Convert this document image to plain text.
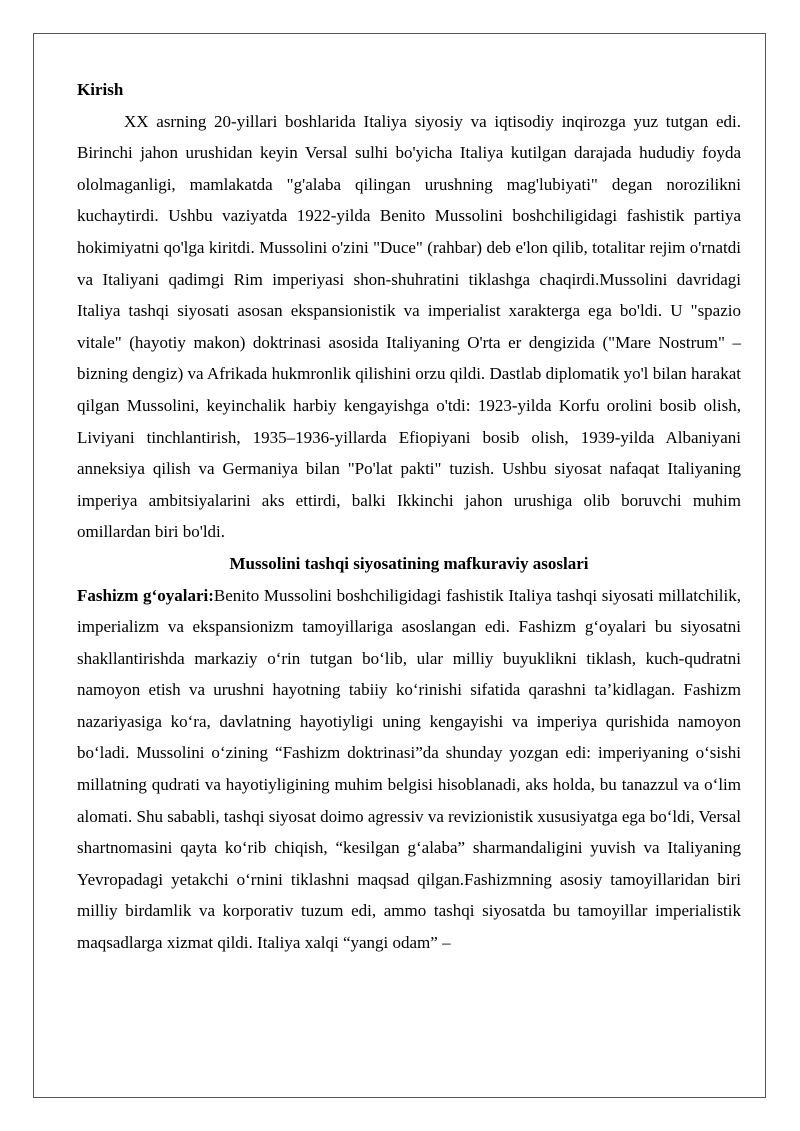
Kirish

XX asrning 20-yillari boshlarida Italiya siyosiy va iqtisodiy inqirozga yuz tutgan edi. Birinchi jahon urushidan keyin Versal sulhi bo'yicha Italiya kutilgan darajada hududiy foyda ololmaganligi, mamlakatda "g'alaba qilingan urushning mag'lubiyati" degan norozilikni kuchaytirdi. Ushbu vaziyatda 1922-yilda Benito Mussolini boshchiligidagi fashistik partiya hokimiyatni qo'lga kiritdi. Mussolini o'zini "Duce" (rahbar) deb e'lon qilib, totalitar rejim o'rnatdi va Italiyani qadimgi Rim imperiyasi shon-shuhratini tiklashga chaqirdi.Mussolini davridagi Italiya tashqi siyosati asosan ekspansionistik va imperialist xarakterga ega bo'ldi. U "spazio vitale" (hayotiy makon) doktrinasi asosida Italiyaning O'rta er dengizida ("Mare Nostrum" – bizning dengiz) va Afrikada hukmronlik qilishini orzu qildi. Dastlab diplomatik yo'l bilan harakat qilgan Mussolini, keyinchalik harbiy kengayishga o'tdi: 1923-yilda Korfu orolini bosib olish, Liviyani tinchlantirish, 1935–1936-yillarda Efiopiyani bosib olish, 1939-yilda Albaniyani anneksiya qilish va Germaniya bilan "Po'lat pakti" tuzish. Ushbu siyosat nafaqat Italiyaning imperiya ambitsiyalarini aks ettirdi, balki Ikkinchi jahon urushiga olib boruvchi muhim omillardan biri bo'ldi.

Mussolini tashqi siyosatining mafkuraviy asoslari

Fashizm g‘oyalari:Benito Mussolini boshchiligidagi fashistik Italiya tashqi siyosati millatchilik, imperializm va ekspansionizm tamoyillariga asoslangan edi. Fashizm g‘oyalari bu siyosatni shakllantirishda markaziy o‘rin tutgan bo‘lib, ular milliy buyuklikni tiklash, kuch-qudratni namoyon etish va urushni hayotning tabiiy ko‘rinishi sifatida qarashni ta’kidlagan. Fashizm nazariyasiga ko‘ra, davlatning hayotiyligi uning kengayishi va imperiya qurishida namoyon bo‘ladi. Mussolini o‘zining “Fashizm doktrinasi”da shunday yozgan edi: imperiyaning o‘sishi millatning qudrati va hayotiyligining muhim belgisi hisoblanadi, aks holda, bu tanazzul va o‘lim alomati. Shu sababli, tashqi siyosat doimo agressiv va revizionistik xususiyatga ega bo‘ldi, Versal shartnomasini qayta ko‘rib chiqish, “kesilgan g‘alaba” sharmandaligini yuvish va Italiyaning Yevropadagi yetakchi o‘rnini tiklashni maqsad qilgan.Fashizmning asosiy tamoyillaridan biri milliy birdamlik va korporativ tuzum edi, ammo tashqi siyosatda bu tamoyillar imperialistik maqsadlarga xizmat qildi. Italiya xalqi “yangi odam” –
